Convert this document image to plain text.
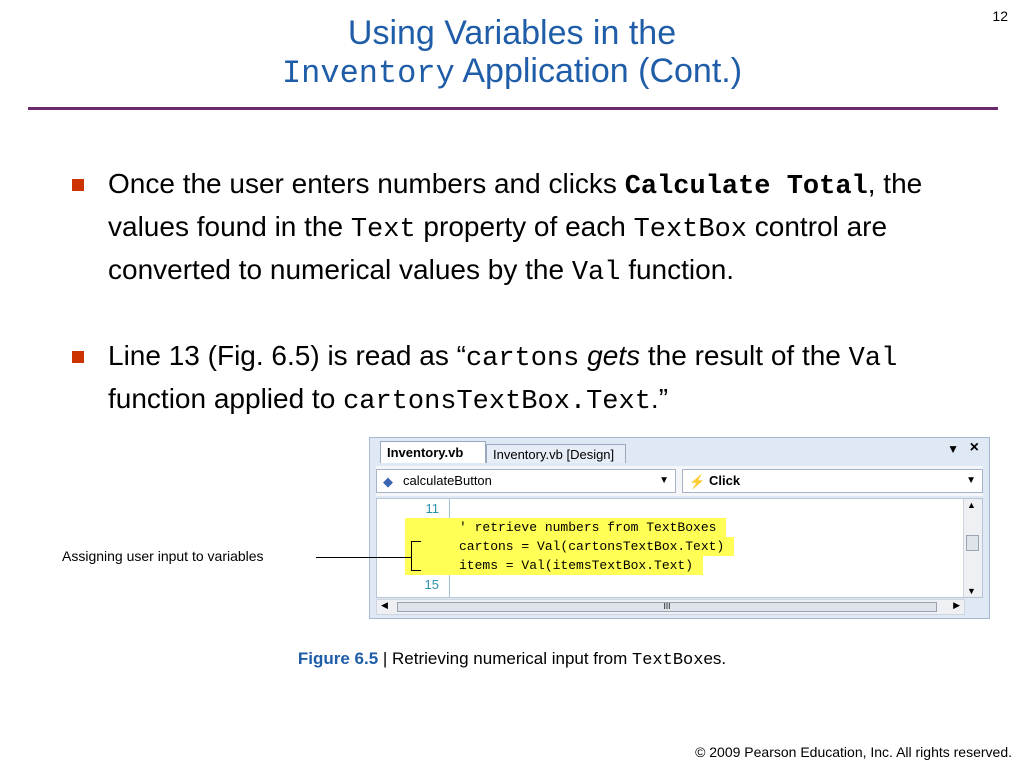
12
Using Variables in the
Inventory Application (Cont.)
Once the user enters numbers and clicks Calculate Total, the values found in the Text property of each TextBox control are converted to numerical values by the Val function.
Line 13 (Fig. 6.5) is read as “cartons gets the result of the Val function applied to cartonsTextBox.Text.”
Inventory.vb	Inventory.vb [Design]	▼ ×
◆ calculateButton	▼ ⚡ Click	▼
11
15
' retrieve numbers from TextBoxes
cartons = Val(cartonsTextBox.Text)
items = Val(itemsTextBox.Text)
▲
▼
◀	III	▶
Assigning user input to variables
Figure 6.5 | Retrieving numerical input from TextBoxes.
© 2009 Pearson Education, Inc. All rights reserved.
